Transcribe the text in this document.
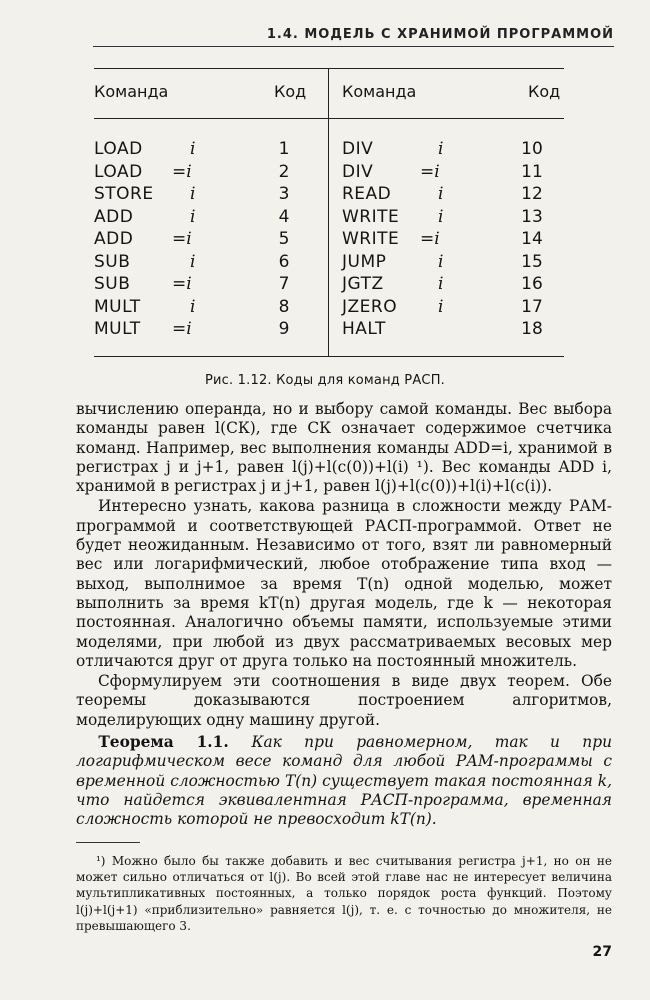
1.4. МОДЕЛЬ С ХРАНИМОЙ ПРОГРАММОЙ
Команда	Код Команда	Код
LOAD	i	1
LOAD =i	2
STORE i	3
ADD	i	4
ADD =i	5
SUB	i	6
SUB =i	7
MULT	i	8
MULT =i	9
DIV	i	10
DIV	=i	11
READ	i	12
WRITE i	13
WRITE =i	14
JUMP	i	15
JGTZ	i	16
JZERO i	17
HALT	18
Рис. 1.12. Коды для команд РАСП.

вычислению операнда, но и выбору самой команды. Вес выбора команды равен l(СК), где СК означает содержимое счетчика команд. Например, вес выполнения команды ADD=i, хранимой в регистрах j и j+1, равен l(j)+l(c(0))+l(i) ¹). Вес команды ADD i, хранимой в регистрах j и j+1, равен l(j)+l(c(0))+l(i)+l(c(i)).

Интересно узнать, какова разница в сложности между РАМ-программой и соответствующей РАСП-программой. Ответ не будет неожиданным. Независимо от того, взят ли равномерный вес или логарифмический, любое отображение типа вход — выход, выполнимое за время T(n) одной моделью, может выполнить за время kT(n) другая модель, где k — некоторая постоянная. Аналогично объемы памяти, используемые этими моделями, при любой из двух рассматриваемых весовых мер отличаются друг от друга только на постоянный множитель.

Сформулируем эти соотношения в виде двух теорем. Обе теоремы доказываются построением алгоритмов, моделирующих одну машину другой.

Теорема 1.1. Как при равномерном, так и при логарифмическом весе команд для любой РАМ-программы с временной сложностью T(n) существует такая постоянная k, что найдется эквивалентная РАСП-программа, временная сложность которой не превосходит kT(n).
¹) Можно было бы также добавить и вес считывания регистра j+1, но он не может сильно отличаться от l(j). Во всей этой главе нас не интересует величина мультипликативных постоянных, а только порядок роста функций. Поэтому l(j)+l(j+1) «приблизительно» равняется l(j), т. е. с точностью до множителя, не превышающего 3.
27
